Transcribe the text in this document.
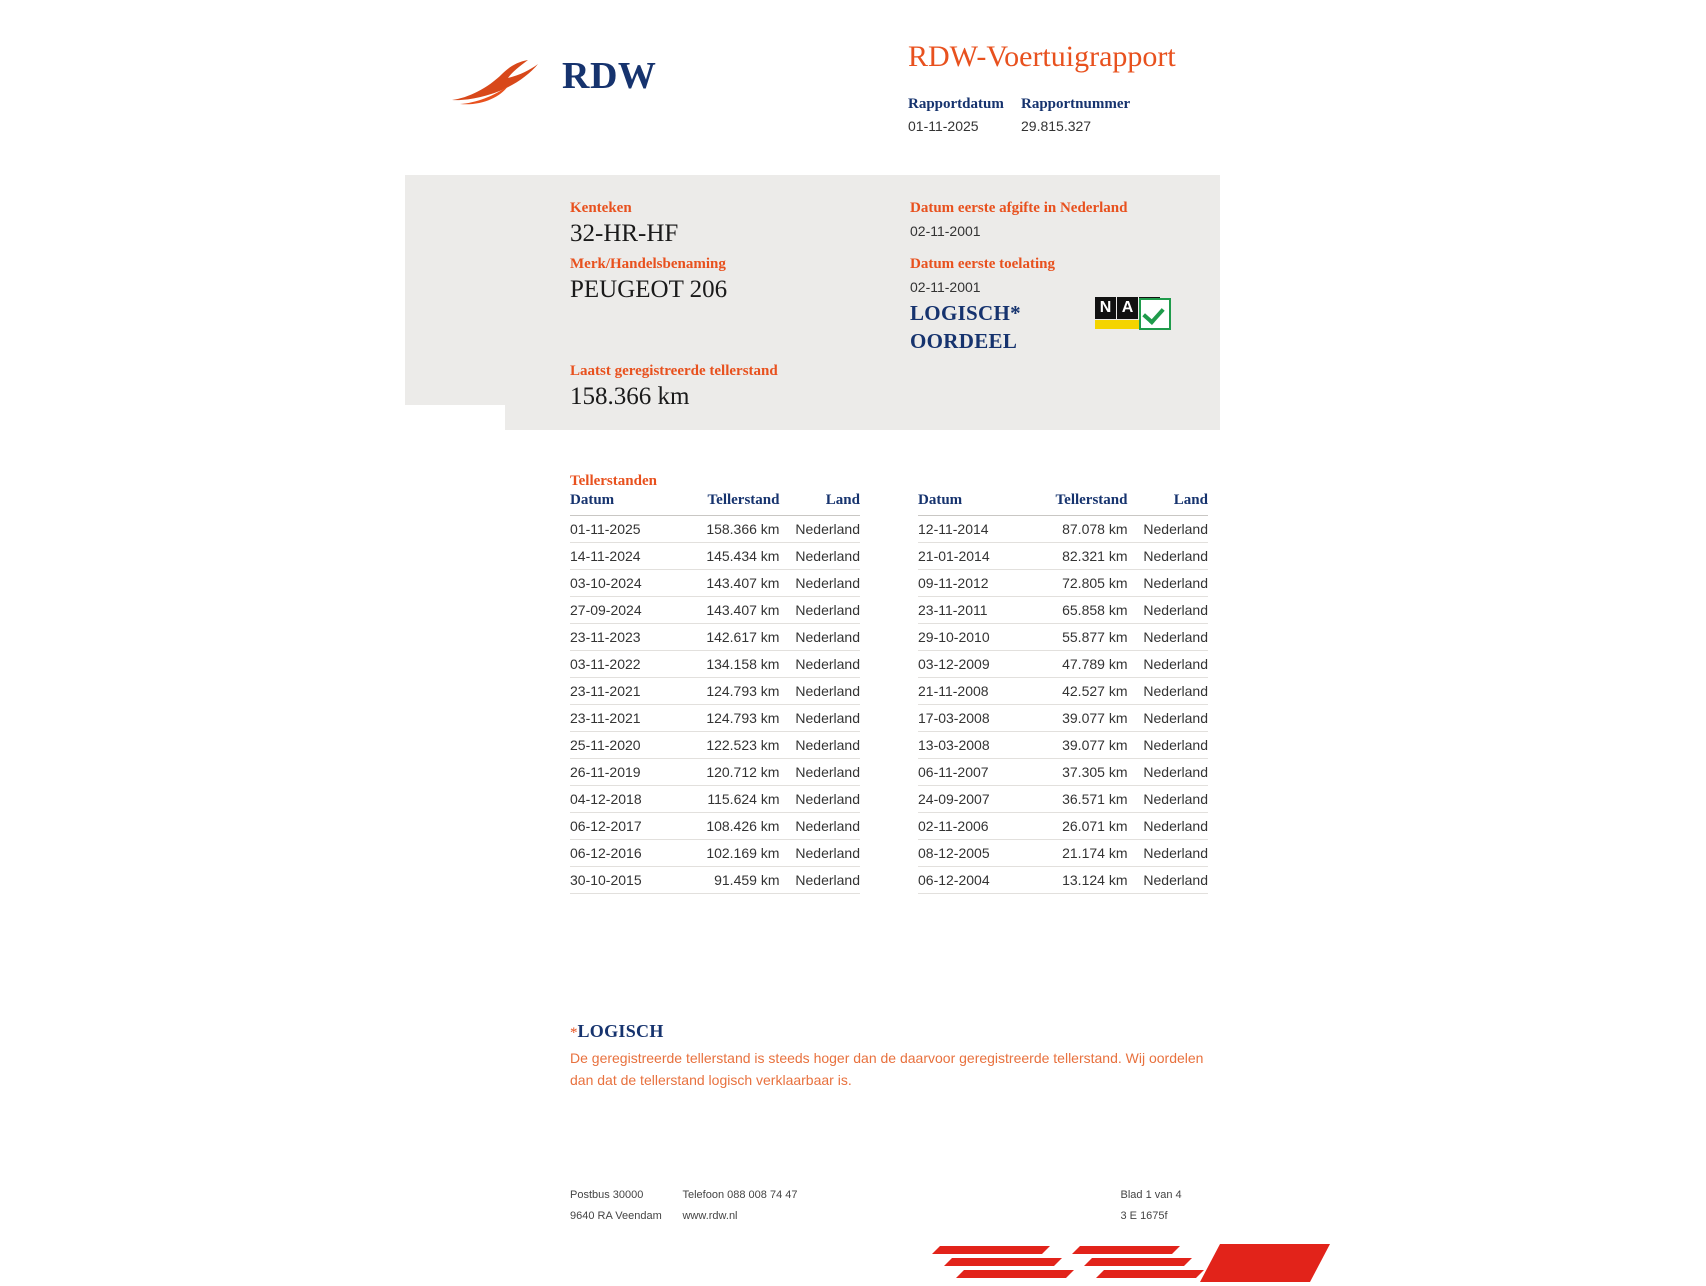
RDW	RDW-Voertuigrapport
Rapportdatum	Rapportnummer
01-11-2025	29.815.327
Kenteken
32-HR-HF
Merk/Handelsbenaming
PEUGEOT 206
Laatst geregistreerde tellerstand
158.366 km
Datum eerste afgifte in Nederland
02-11-2001
Datum eerste toelating
02-11-2001
LOGISCH*
OORDEEL
N A
Tellerstanden
Datum	Tellerstand	Land
01-11-2025	158.366 km	Nederland
14-11-2024	145.434 km	Nederland
03-10-2024	143.407 km	Nederland
27-09-2024	143.407 km	Nederland
23-11-2023	142.617 km	Nederland
03-11-2022	134.158 km	Nederland
23-11-2021	124.793 km	Nederland
23-11-2021	124.793 km	Nederland
25-11-2020	122.523 km	Nederland
26-11-2019	120.712 km	Nederland
04-12-2018	115.624 km	Nederland
06-12-2017	108.426 km	Nederland
06-12-2016	102.169 km	Nederland
30-10-2015	91.459 km	Nederland
Datum	Tellerstand	Land
12-11-2014	87.078 km	Nederland
21-01-2014	82.321 km	Nederland
09-11-2012	72.805 km	Nederland
23-11-2011	65.858 km	Nederland
29-10-2010	55.877 km	Nederland
03-12-2009	47.789 km	Nederland
21-11-2008	42.527 km	Nederland
17-03-2008	39.077 km	Nederland
13-03-2008	39.077 km	Nederland
06-11-2007	37.305 km	Nederland
24-09-2007	36.571 km	Nederland
02-11-2006	26.071 km	Nederland
08-12-2005	21.174 km	Nederland
06-12-2004	13.124 km	Nederland
*LOGISCH
De geregistreerde tellerstand is steeds hoger dan de daarvoor geregistreerde tellerstand. Wij oordelen dan dat de tellerstand logisch verklaarbaar is.
Postbus 30000	Telefoon 088 008 74 47	Blad 1 van 4
9640 RA Veendam	www.rdw.nl	3 E 1675f
